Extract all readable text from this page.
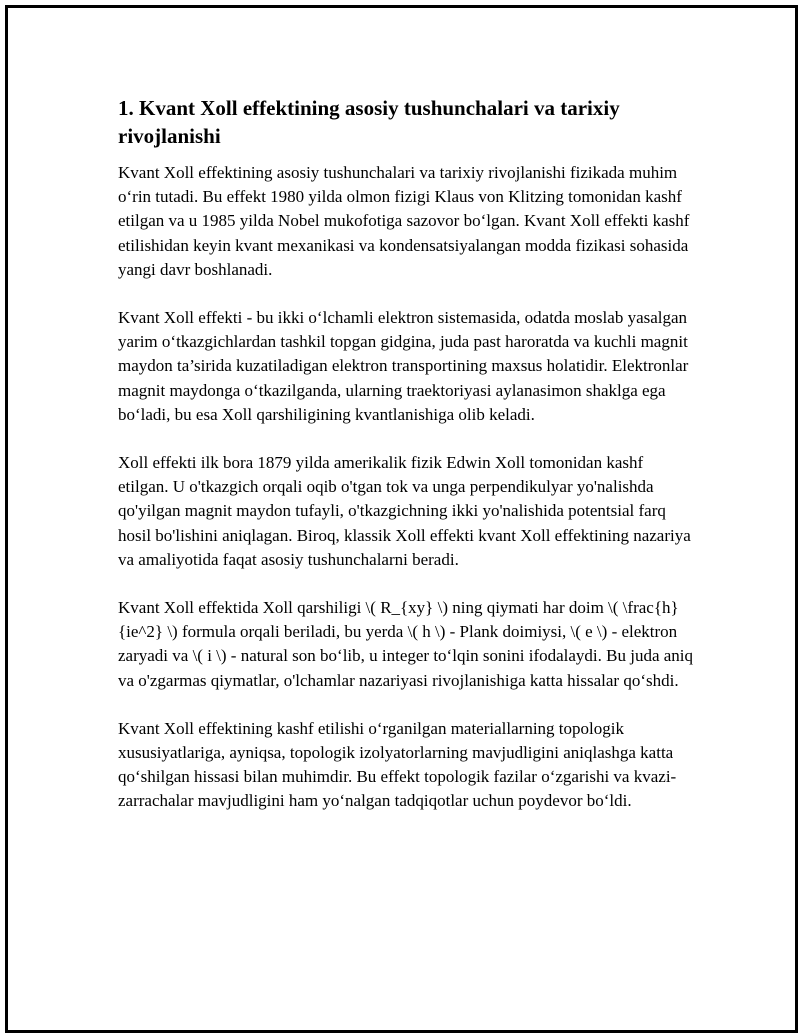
1. Kvant Xoll effektining asosiy tushunchalari va tarixiy rivojlanishi

Kvant Xoll effektining asosiy tushunchalari va tarixiy rivojlanishi fizikada muhim o‘rin tutadi. Bu effekt 1980 yilda olmon fizigi Klaus von Klitzing tomonidan kashf etilgan va u 1985 yilda Nobel mukofotiga sazovor bo‘lgan. Kvant Xoll effekti kashf etilishidan keyin kvant mexanikasi va kondensatsiyalangan modda fizikasi sohasida yangi davr boshlanadi.

Kvant Xoll effekti - bu ikki o‘lchamli elektron sistemasida, odatda moslab yasalgan yarim o‘tkazgichlardan tashkil topgan gidgina, juda past haroratda va kuchli magnit maydon ta’sirida kuzatiladigan elektron transportining maxsus holatidir. Elektronlar magnit maydonga o‘tkazilganda, ularning traektoriyasi aylanasimon shaklga ega bo‘ladi, bu esa Xoll qarshiligining kvantlanishiga olib keladi.

Xoll effekti ilk bora 1879 yilda amerikalik fizik Edwin Xoll tomonidan kashf etilgan. U o'tkazgich orqali oqib o'tgan tok va unga perpendikulyar yo'nalishda qo'yilgan magnit maydon tufayli, o'tkazgichning ikki yo'nalishida potentsial farq hosil bo'lishini aniqlagan. Biroq, klassik Xoll effekti kvant Xoll effektining nazariya va amaliyotida faqat asosiy tushunchalarni beradi.

Kvant Xoll effektida Xoll qarshiligi \( R_{xy} \) ning qiymati har doim \( \frac{h}{ie^2} \) formula orqali beriladi, bu yerda \( h \) - Plank doimiysi, \( e \) - elektron zaryadi va \( i \) - natural son bo‘lib, u integer to‘lqin sonini ifodalaydi. Bu juda aniq va o'zgarmas qiymatlar, o'lchamlar nazariyasi rivojlanishiga katta hissalar qo‘shdi.

Kvant Xoll effektining kashf etilishi o‘rganilgan materiallarning topologik xususiyatlariga, ayniqsa, topologik izolyatorlarning mavjudligini aniqlashga katta qo‘shilgan hissasi bilan muhimdir. Bu effekt topologik fazilar o‘zgarishi va kvazi-zarrachalar mavjudligini ham yo‘nalgan tadqiqotlar uchun poydevor bo‘ldi.
